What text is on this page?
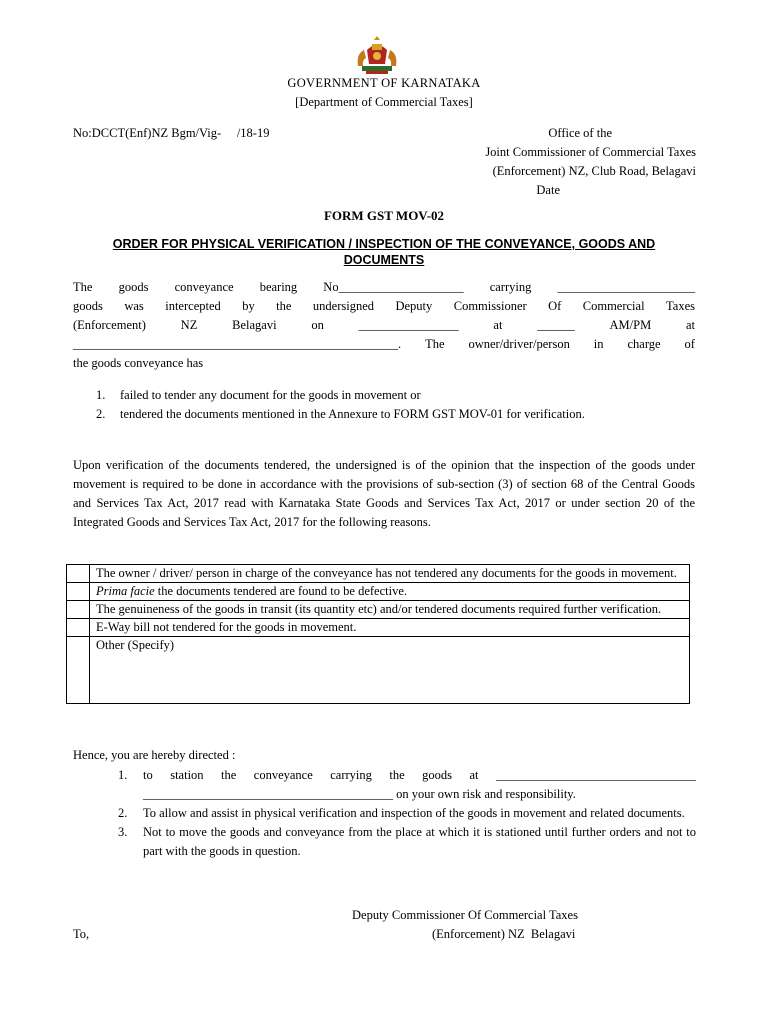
GOVERNMENT OF KARNATAKA
[Department of Commercial Taxes]
No:DCCT(Enf)NZ Bgm/Vig-     /18-19	Office of the
Joint Commissioner of Commercial Taxes
(Enforcement) NZ, Club Road, Belagavi
Date
FORM GST MOV-02
ORDER FOR PHYSICAL VERIFICATION / INSPECTION OF THE CONVEYANCE, GOODS AND DOCUMENTS
The goods conveyance bearing No____________________ carrying ______________________
goods was intercepted by the undersigned Deputy Commissioner Of Commercial Taxes
(Enforcement)	NZ	Belagavi	on	________________	at	______	AM/PM	at
____________________________________________________. The owner/driver/person in charge of
the goods conveyance has
1. failed to tender any document for the goods in movement or
2. tendered the documents mentioned in the Annexure to FORM GST MOV-01 for verification.
Upon verification of the documents tendered, the undersigned is of the opinion that the inspection of the goods under movement is required to be done in accordance with the provisions of sub-section (3) of section 68 of the Central Goods and Services Tax Act, 2017 read with Karnataka State Goods and Services Tax Act, 2017 or under section 20 of the Integrated Goods and Services Tax Act, 2017 for the following reasons.
	The owner / driver/ person in charge of the conveyance has not tendered any documents for the goods in movement.
	Prima facie the documents tendered are found to be defective.
	The genuineness of the goods in transit (its quantity etc) and/or tendered documents required further verification.
	E-Way bill not tendered for the goods in movement.
	Other (Specify)
Hence, you are hereby directed :
1. to station the conveyance carrying the goods at ________________________________ ________________________________________ on your own risk and responsibility.
2. To allow and assist in physical verification and inspection of the goods in movement and related documents.
3. Not to move the goods and conveyance from the place at which it is stationed until further orders and not to part with the goods in question.
Deputy Commissioner Of Commercial Taxes
(Enforcement) NZ  Belagavi
To,
